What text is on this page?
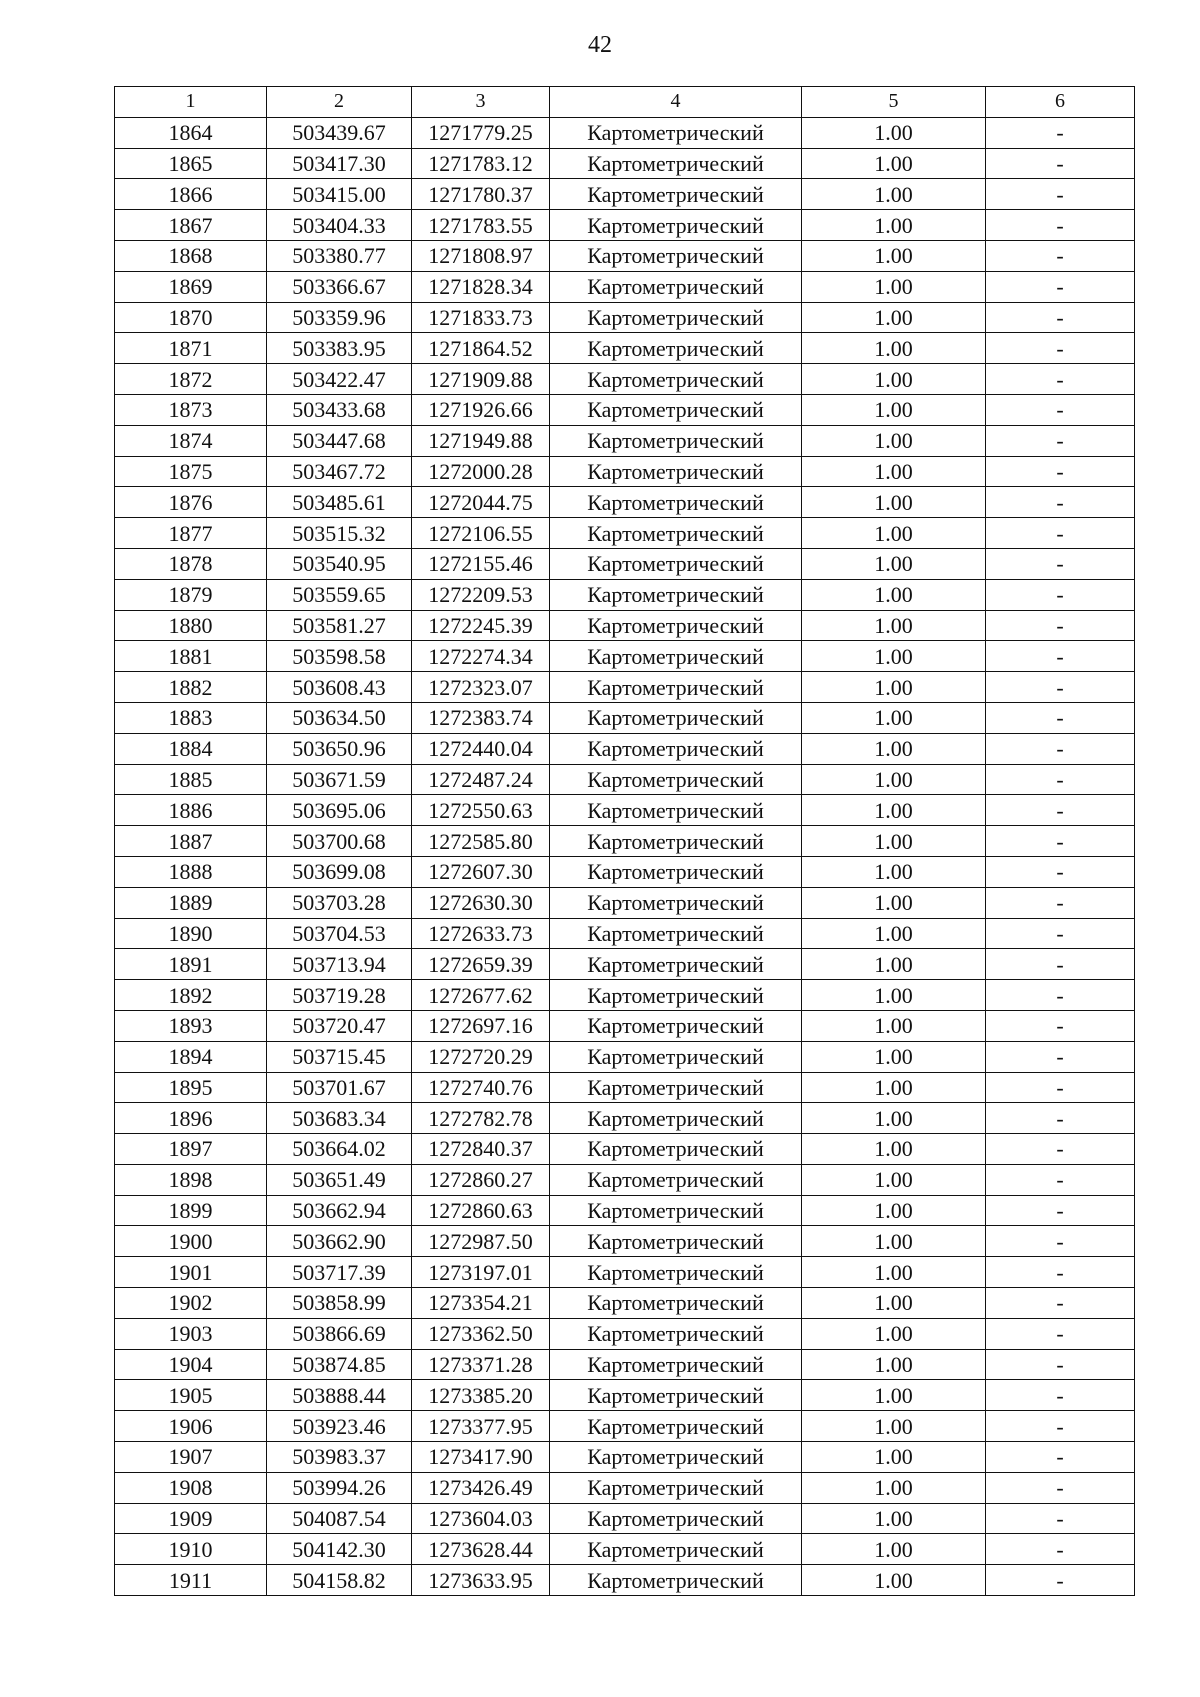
42
1	2	3	4	5	6
1864	503439.67	1271779.25	Картометрический	1.00	-
1865	503417.30	1271783.12	Картометрический	1.00	-
1866	503415.00	1271780.37	Картометрический	1.00	-
1867	503404.33	1271783.55	Картометрический	1.00	-
1868	503380.77	1271808.97	Картометрический	1.00	-
1869	503366.67	1271828.34	Картометрический	1.00	-
1870	503359.96	1271833.73	Картометрический	1.00	-
1871	503383.95	1271864.52	Картометрический	1.00	-
1872	503422.47	1271909.88	Картометрический	1.00	-
1873	503433.68	1271926.66	Картометрический	1.00	-
1874	503447.68	1271949.88	Картометрический	1.00	-
1875	503467.72	1272000.28	Картометрический	1.00	-
1876	503485.61	1272044.75	Картометрический	1.00	-
1877	503515.32	1272106.55	Картометрический	1.00	-
1878	503540.95	1272155.46	Картометрический	1.00	-
1879	503559.65	1272209.53	Картометрический	1.00	-
1880	503581.27	1272245.39	Картометрический	1.00	-
1881	503598.58	1272274.34	Картометрический	1.00	-
1882	503608.43	1272323.07	Картометрический	1.00	-
1883	503634.50	1272383.74	Картометрический	1.00	-
1884	503650.96	1272440.04	Картометрический	1.00	-
1885	503671.59	1272487.24	Картометрический	1.00	-
1886	503695.06	1272550.63	Картометрический	1.00	-
1887	503700.68	1272585.80	Картометрический	1.00	-
1888	503699.08	1272607.30	Картометрический	1.00	-
1889	503703.28	1272630.30	Картометрический	1.00	-
1890	503704.53	1272633.73	Картометрический	1.00	-
1891	503713.94	1272659.39	Картометрический	1.00	-
1892	503719.28	1272677.62	Картометрический	1.00	-
1893	503720.47	1272697.16	Картометрический	1.00	-
1894	503715.45	1272720.29	Картометрический	1.00	-
1895	503701.67	1272740.76	Картометрический	1.00	-
1896	503683.34	1272782.78	Картометрический	1.00	-
1897	503664.02	1272840.37	Картометрический	1.00	-
1898	503651.49	1272860.27	Картометрический	1.00	-
1899	503662.94	1272860.63	Картометрический	1.00	-
1900	503662.90	1272987.50	Картометрический	1.00	-
1901	503717.39	1273197.01	Картометрический	1.00	-
1902	503858.99	1273354.21	Картометрический	1.00	-
1903	503866.69	1273362.50	Картометрический	1.00	-
1904	503874.85	1273371.28	Картометрический	1.00	-
1905	503888.44	1273385.20	Картометрический	1.00	-
1906	503923.46	1273377.95	Картометрический	1.00	-
1907	503983.37	1273417.90	Картометрический	1.00	-
1908	503994.26	1273426.49	Картометрический	1.00	-
1909	504087.54	1273604.03	Картометрический	1.00	-
1910	504142.30	1273628.44	Картометрический	1.00	-
1911	504158.82	1273633.95	Картометрический	1.00	-
